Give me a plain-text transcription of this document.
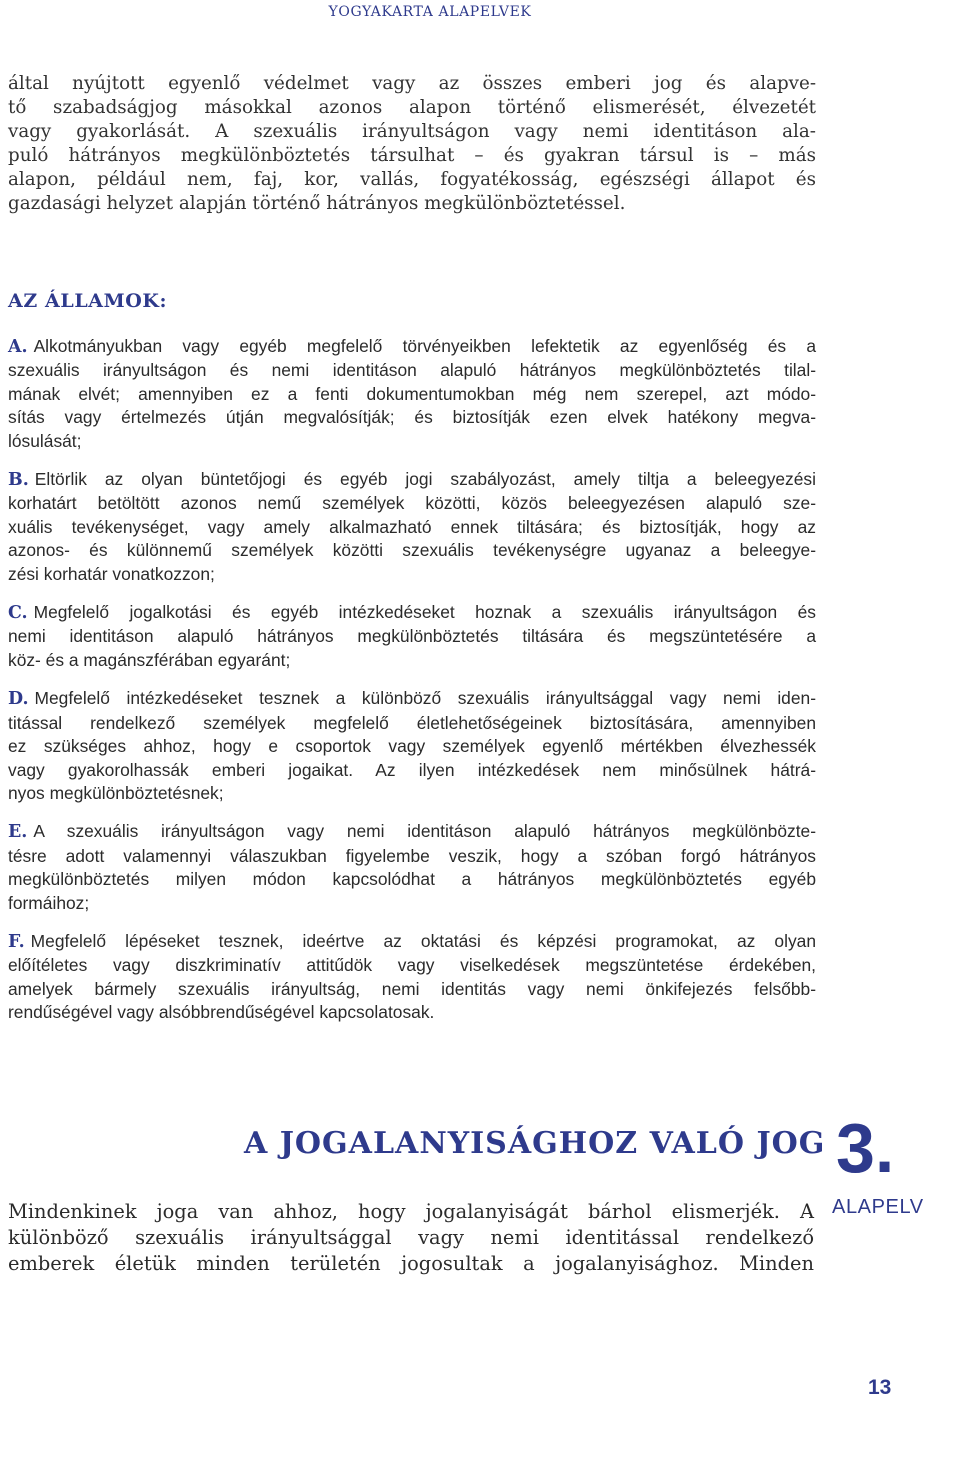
YOGYAKARTA ALAPELVEK

által nyújtott egyenlő védelmet vagy az összes emberi jog és alapve-
tő szabadságjog másokkal azonos alapon történő elismerését, élvezetét
vagy gyakorlását. A szexuális irányultságon vagy nemi identitáson ala-
puló hátrányos megkülönböztetés társulhat – és gyakran társul is – más
alapon, például nem, faj, kor, vallás, fogyatékosság, egészségi állapot és
gazdasági helyzet alapján történő hátrányos megkülönböztetéssel.

AZ ÁLLAMOK:
A. Alkotmányukban vagy egyéb megfelelő törvényeikben lefektetik az egyenlőség és a
szexuális irányultságon és nemi identitáson alapuló hátrányos megkülönböztetés tilal-
mának elvét; amennyiben ez a fenti dokumentumokban még nem szerepel, azt módo-
sítás vagy értelmezés útján megvalósítják; és biztosítják ezen elvek hatékony megva-
lósulását;
B. Eltörlik az olyan büntetőjogi és egyéb jogi szabályozást, amely tiltja a beleegyezési
korhatárt betöltött azonos nemű személyek közötti, közös beleegyezésen alapuló sze-
xuális tevékenységet, vagy amely alkalmazható ennek tiltására; és biztosítják, hogy az
azonos- és különnemű személyek közötti szexuális tevékenységre ugyanaz a beleegye-
zési korhatár vonatkozzon;
C. Megfelelő jogalkotási és egyéb intézkedéseket hoznak a szexuális irányultságon és
nemi identitáson alapuló hátrányos megkülönböztetés tiltására és megszüntetésére a
köz- és a magánszférában egyaránt;
D. Megfelelő intézkedéseket tesznek a különböző szexuális irányultsággal vagy nemi iden-
titással rendelkező személyek megfelelő életlehetőségeinek biztosítására, amennyiben
ez szükséges ahhoz, hogy e csoportok vagy személyek egyenlő mértékben élvezhessék
vagy gyakorolhassák emberi jogaikat. Az ilyen intézkedések nem minősülnek hátrá-
nyos megkülönböztetésnek;
E. A szexuális irányultságon vagy nemi identitáson alapuló hátrányos megkülönbözte-
tésre adott valamennyi válaszukban figyelembe veszik, hogy a szóban forgó hátrányos
megkülönböztetés milyen módon kapcsolódhat a hátrányos megkülönböztetés egyéb
formáihoz;
F. Megfelelő lépéseket tesznek, ideértve az oktatási és képzési programokat, az olyan
előítéletes vagy diszkriminatív attitűdök vagy viselkedések megszüntetése érdekében,
amelyek bármely szexuális irányultság, nemi identitás vagy nemi önkifejezés felsőbb-
rendűségével vagy alsóbbrendűségével kapcsolatosak.
A JOGALANYISÁGHOZ VALÓ JOG 3.
ALAPELV

Mindenkinek joga van ahhoz, hogy jogalanyiságát bárhol elismerjék. A
különböző szexuális irányultsággal vagy nemi identitással rendelkező
emberek életük minden területén jogosultak a jogalanyisághoz. Minden

13
